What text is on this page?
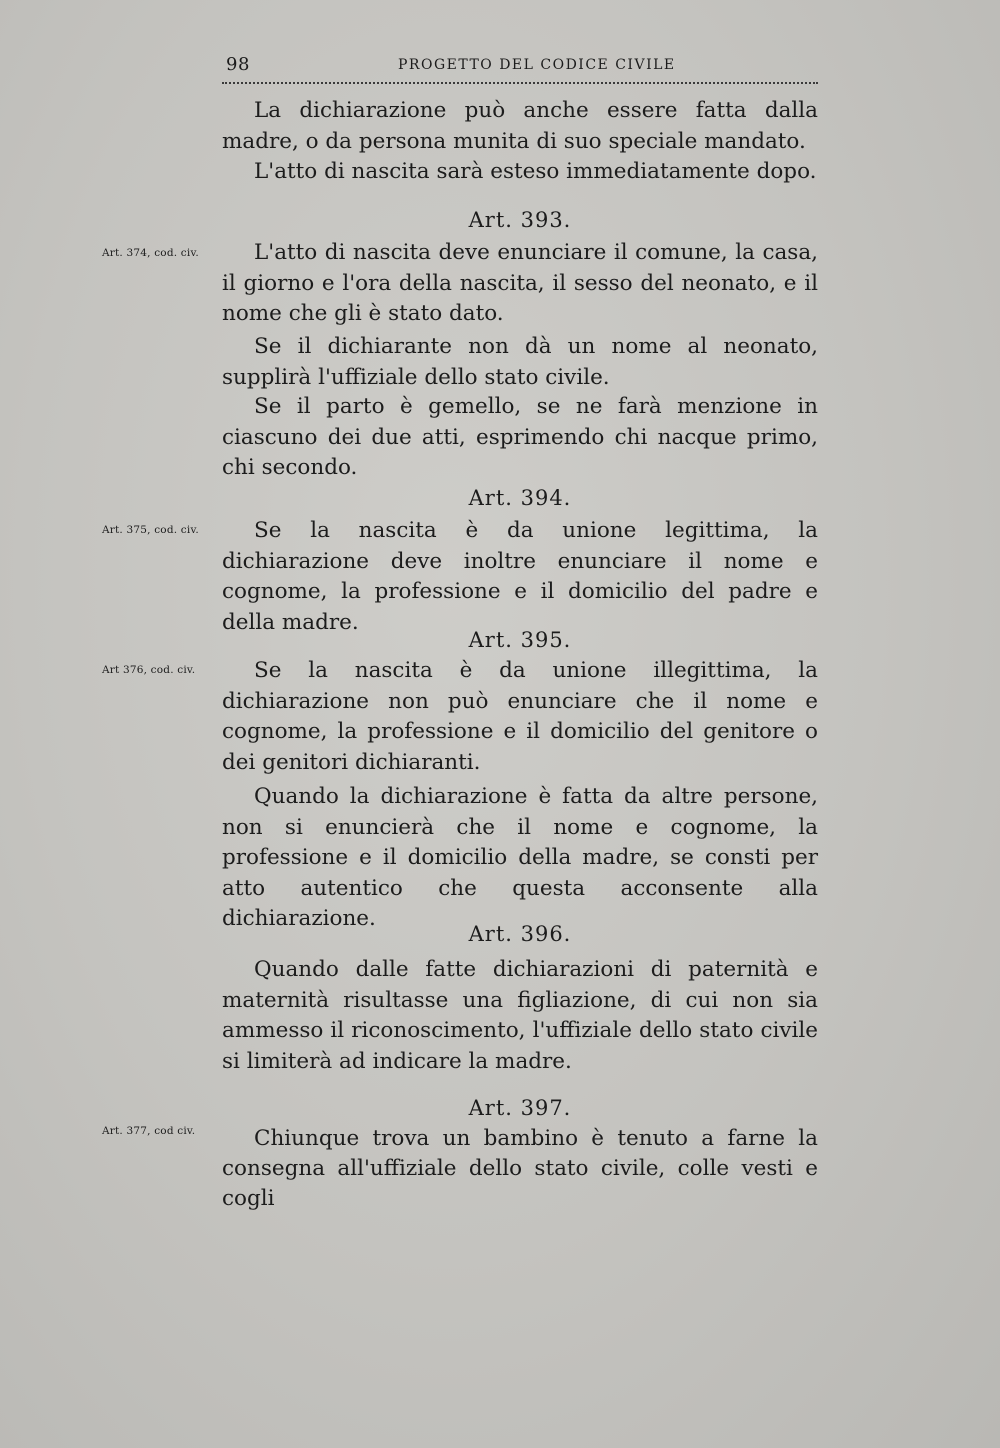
98	PROGETTO DEL CODICE CIVILE

La dichiarazione può anche essere fatta dalla madre, o da persona munita di suo speciale mandato.

L'atto di nascita sarà esteso immediatamente dopo.

Art. 393.
Art. 374, cod. civ.	L'atto di nascita deve enunciare il comune, la casa, il giorno e l'ora della nascita, il sesso del neonato, e il nome che gli è stato dato.

Se il dichiarante non dà un nome al neonato, supplirà l'uffiziale dello stato civile.

Se il parto è gemello, se ne farà menzione in ciascuno dei due atti, esprimendo chi nacque primo, chi secondo.

Art. 394.
Art. 375, cod. civ.	Se la nascita è da unione legittima, la dichiarazione deve inoltre enunciare il nome e cognome, la professione e il domicilio del padre e della madre.

Art. 395.
Art 376, cod. civ.	Se la nascita è da unione illegittima, la dichiarazione non può enunciare che il nome e cognome, la professione e il domicilio del genitore o dei genitori dichiaranti.

Quando la dichiarazione è fatta da altre persone, non si enuncierà che il nome e cognome, la professione e il domicilio della madre, se consti per atto autentico che questa acconsente alla dichiarazione.

Art. 396.

Quando dalle fatte dichiarazioni di paternità e maternità risultasse una figliazione, di cui non sia ammesso il riconoscimento, l'uffiziale dello stato civile si limiterà ad indicare la madre.

Art. 397.
Art. 377, cod civ.	Chiunque trova un bambino è tenuto a farne la consegna all'uffiziale dello stato civile, colle vesti e cogli
